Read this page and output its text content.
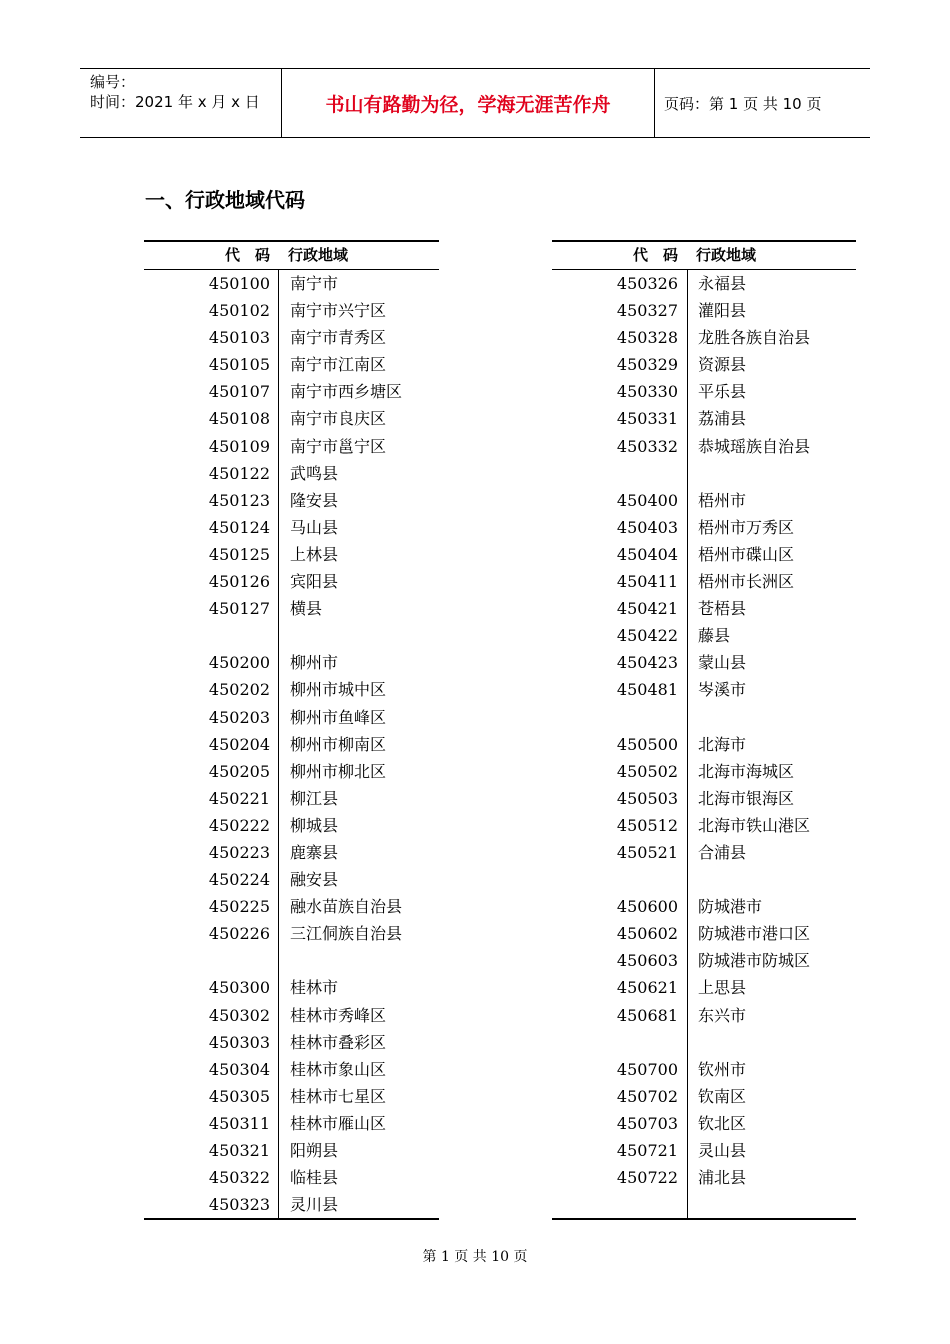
编号：
时间：2021 年 x 月 x 日	书山有路勤为径，学海无涯苦作舟	页码：第 1 页 共 10 页
一、行政地域代码
代　码	行政地域
450100	南宁市
450102	南宁市兴宁区
450103	南宁市青秀区
450105	南宁市江南区
450107	南宁市西乡塘区
450108	南宁市良庆区
450109	南宁市邕宁区
450122	武鸣县
450123	隆安县
450124	马山县
450125	上林县
450126	宾阳县
450127	横县
450200	柳州市
450202	柳州市城中区
450203	柳州市鱼峰区
450204	柳州市柳南区
450205	柳州市柳北区
450221	柳江县
450222	柳城县
450223	鹿寨县
450224	融安县
450225	融水苗族自治县
450226	三江侗族自治县
450300	桂林市
450302	桂林市秀峰区
450303	桂林市叠彩区
450304	桂林市象山区
450305	桂林市七星区
450311	桂林市雁山区
450321	阳朔县
450322	临桂县
450323	灵川县
代　码	行政地域
450326	永福县
450327	灌阳县
450328	龙胜各族自治县
450329	资源县
450330	平乐县
450331	荔浦县
450332	恭城瑶族自治县
450400	梧州市
450403	梧州市万秀区
450404	梧州市碟山区
450411	梧州市长洲区
450421	苍梧县
450422	藤县
450423	蒙山县
450481	岑溪市
450500	北海市
450502	北海市海城区
450503	北海市银海区
450512	北海市铁山港区
450521	合浦县
450600	防城港市
450602	防城港市港口区
450603	防城港市防城区
450621	上思县
450681	东兴市
450700	钦州市
450702	钦南区
450703	钦北区
450721	灵山县
450722	浦北县
第 1 页 共 10 页
